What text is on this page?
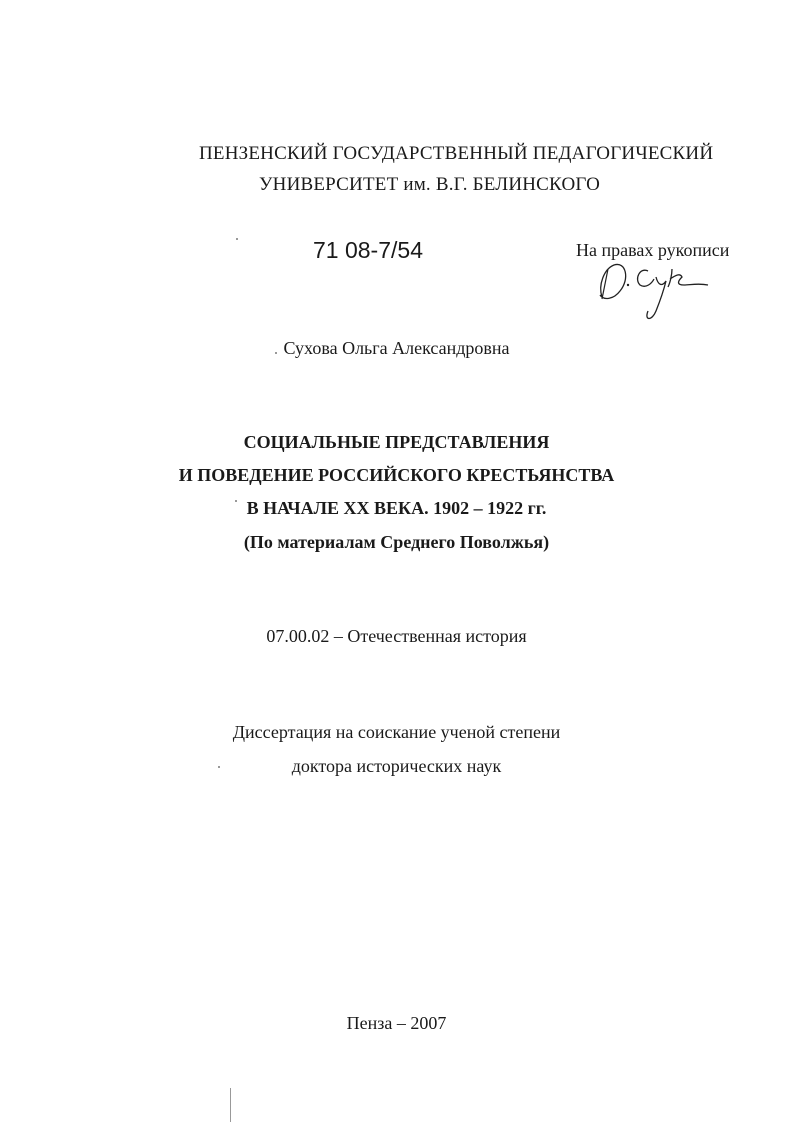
ПЕНЗЕНСКИЙ ГОСУДАРСТВЕННЫЙ ПЕДАГОГИЧЕСКИЙ
УНИВЕРСИТЕТ им. В.Г. БЕЛИНСКОГО
71 08-7/54	На правах рукописи
Сухова Ольга Александровна
СОЦИАЛЬНЫЕ ПРЕДСТАВЛЕНИЯ
И ПОВЕДЕНИЕ РОССИЙСКОГО КРЕСТЬЯНСТВА
В НАЧАЛЕ XX ВЕКА. 1902 – 1922 гг.
(По материалам Среднего Поволжья)
07.00.02 – Отечественная история
Диссертация на соискание ученой степени
доктора исторических наук
Пенза – 2007
